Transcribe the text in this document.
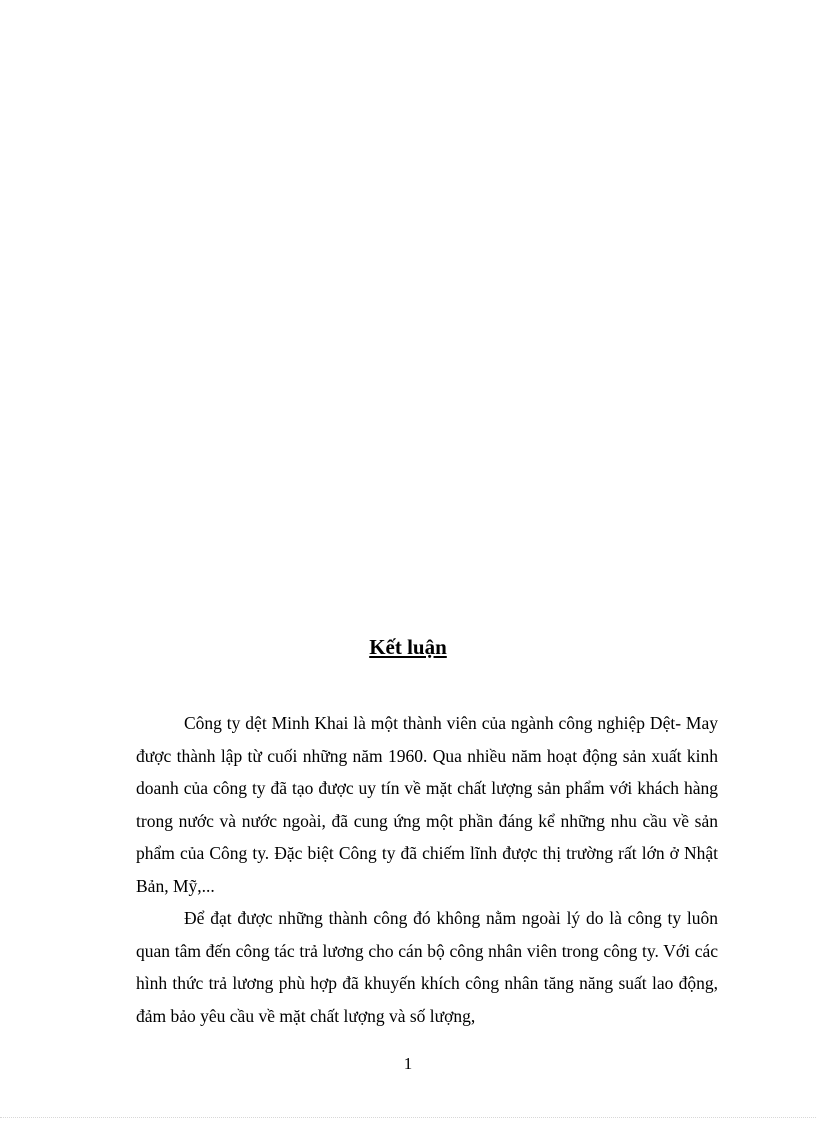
Kết luận

Công ty dệt Minh Khai là một thành viên của ngành công nghiệp Dệt- May được thành lập từ cuối những năm 1960. Qua nhiều năm hoạt động sản xuất kinh doanh của công ty đã tạo được uy tín về mặt chất lượng sản phẩm với khách hàng trong nước và nước ngoài, đã cung ứng một phần đáng kể những nhu cầu về sản phẩm của Công ty. Đặc biệt Công ty đã chiếm lĩnh được thị trường rất lớn ở Nhật Bản, Mỹ,...

Để đạt được những thành công đó không nằm ngoài lý do là công ty luôn quan tâm đến công tác trả lương cho cán bộ công nhân viên trong công ty. Với các hình thức trả lương phù hợp đã khuyến khích công nhân tăng năng suất lao động, đảm bảo yêu cầu về mặt chất lượng và số lượng,

1
